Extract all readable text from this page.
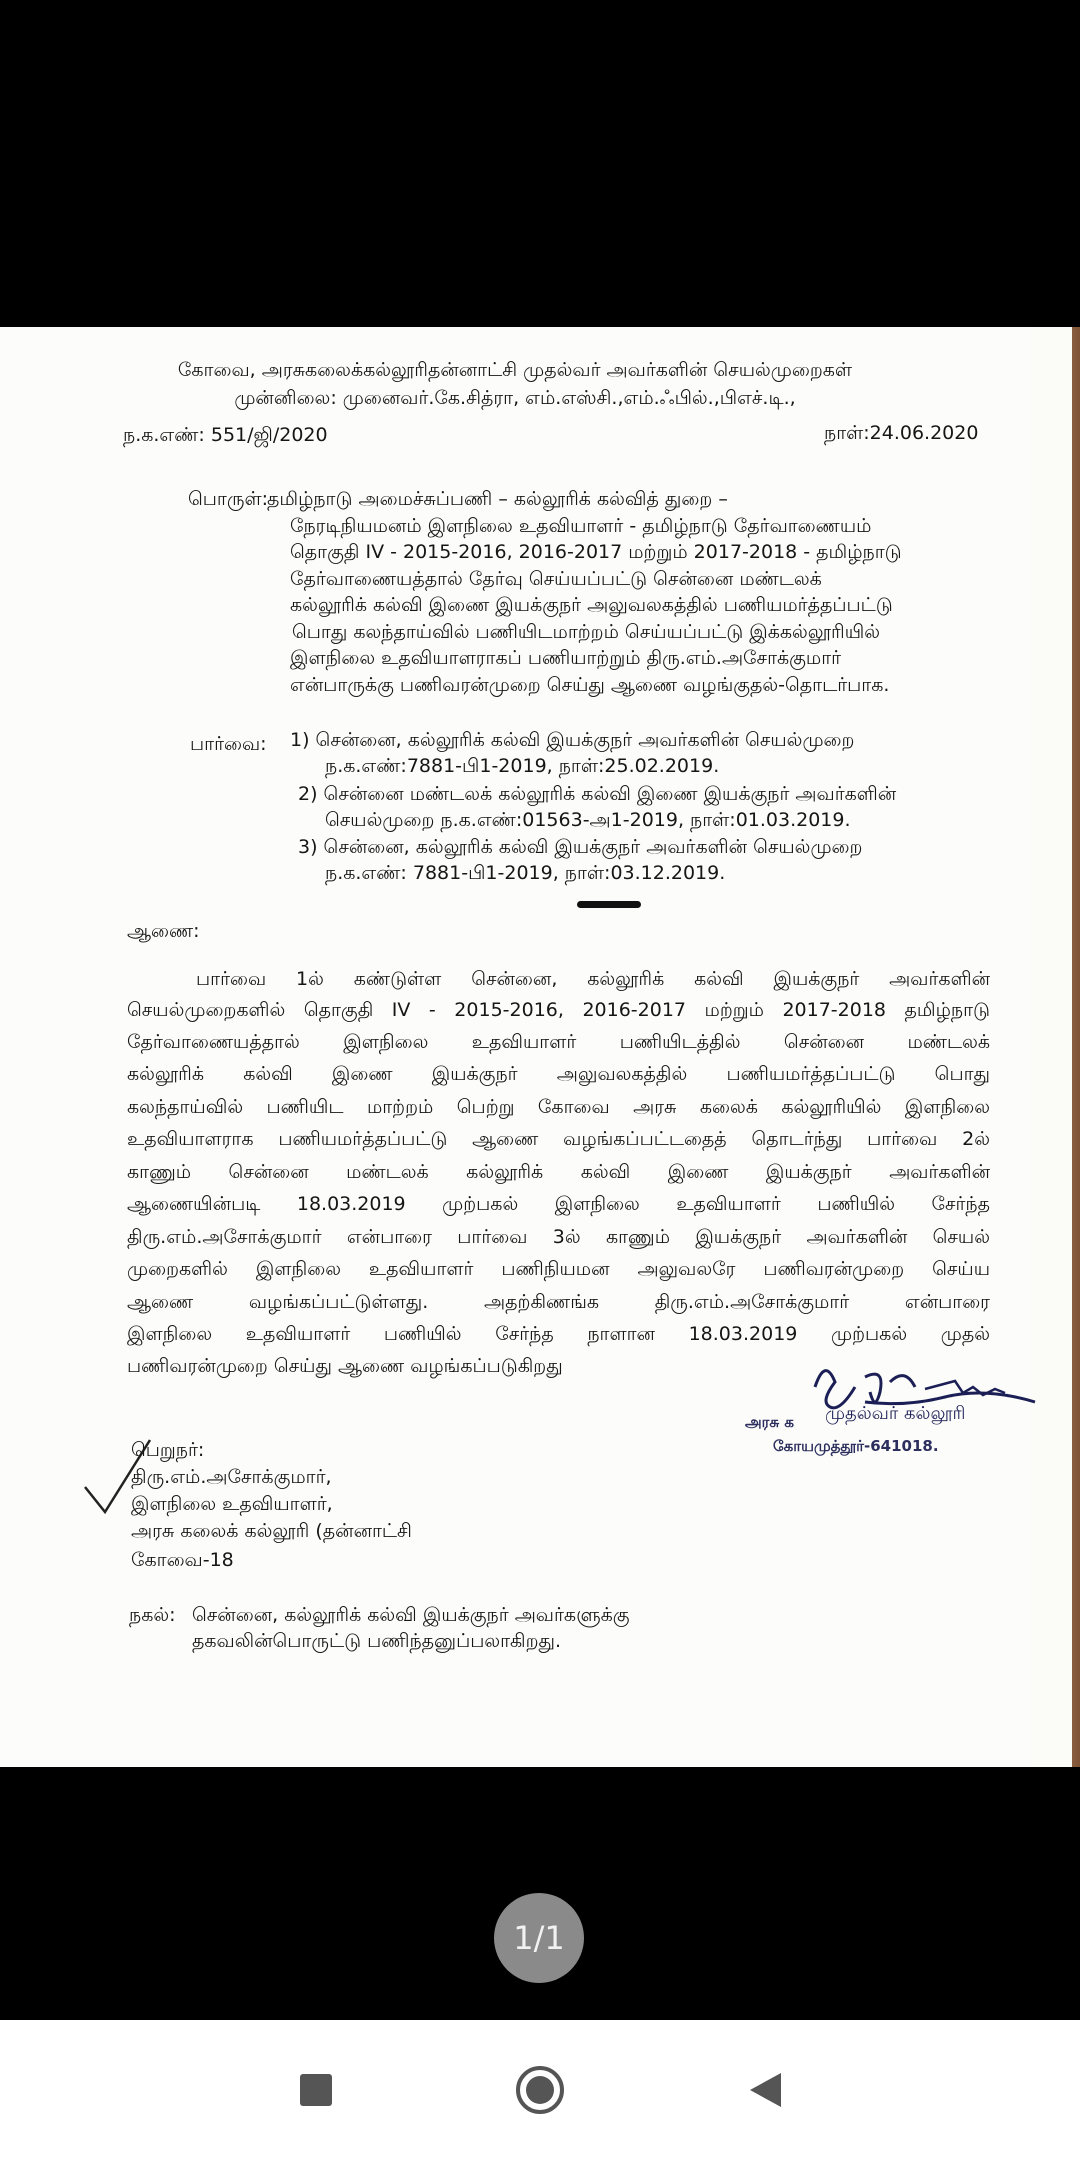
கோவை, அரசுகலைக்கல்லூரிதன்னாட்சி முதல்வர் அவர்களின் செயல்முறைகள்
முன்னிலை: முனைவர்.கே.சித்ரா, எம்.எஸ்சி.,எம்.ஃபில்.,பிஎச்.டி.,
ந.க.எண்: 551/ஜி/2020	நாள்:24.06.2020
பொருள்:
தமிழ்நாடு அமைச்சுப்பணி – கல்லூரிக் கல்வித் துறை –
நேரடிநியமனம் இளநிலை உதவியாளர் - தமிழ்நாடு தேர்வாணையம்
தொகுதி IV - 2015-2016, 2016-2017 மற்றும் 2017-2018 - தமிழ்நாடு
தேர்வாணையத்தால் தேர்வு செய்யப்பட்டு சென்னை மண்டலக்
கல்லூரிக் கல்வி இணை இயக்குநர் அலுவலகத்தில் பணியமர்த்தப்பட்டு
பொது கலந்தாய்வில் பணியிடமாற்றம் செய்யப்பட்டு இக்கல்லூரியில்
இளநிலை உதவியாளராகப் பணியாற்றும் திரு.எம்.அசோக்குமார்
என்பாருக்கு பணிவரன்முறை செய்து ஆணை வழங்குதல்-தொடர்பாக.
பார்வை: 1) சென்னை, கல்லூரிக் கல்வி இயக்குநர் அவர்களின் செயல்முறை
ந.க.எண்:7881-பி1-2019, நாள்:25.02.2019.
2) சென்னை மண்டலக் கல்லூரிக் கல்வி இணை இயக்குநர் அவர்களின்
செயல்முறை ந.க.எண்:01563-அ1-2019, நாள்:01.03.2019.
3) சென்னை, கல்லூரிக் கல்வி இயக்குநர் அவர்களின் செயல்முறை
ந.க.எண்: 7881-பி1-2019, நாள்:03.12.2019.
ஆணை:
பார்வை 1ல் கண்டுள்ள சென்னை, கல்லூரிக் கல்வி இயக்குநர் அவர்களின்
செயல்முறைகளில் தொகுதி IV - 2015-2016, 2016-2017 மற்றும் 2017-2018 தமிழ்நாடு
தேர்வாணையத்தால் இளநிலை உதவியாளர் பணியிடத்தில் சென்னை மண்டலக்
கல்லூரிக் கல்வி இணை இயக்குநர் அலுவலகத்தில் பணியமர்த்தப்பட்டு பொது
கலந்தாய்வில் பணியிட மாற்றம் பெற்று கோவை அரசு கலைக் கல்லூரியில் இளநிலை
உதவியாளராக பணியமர்த்தப்பட்டு ஆணை வழங்கப்பட்டதைத் தொடர்ந்து பார்வை 2ல்
காணும் சென்னை மண்டலக் கல்லூரிக் கல்வி இணை இயக்குநர் அவர்களின்
ஆணையின்படி 18.03.2019 முற்பகல் இளநிலை உதவியாளர் பணியில் சேர்ந்த
திரு.எம்.அசோக்குமார் என்பாரை பார்வை 3ல் காணும் இயக்குநர் அவர்களின் செயல்
முறைகளில் இளநிலை உதவியாளர் பணிநியமன அலுவலரே பணிவரன்முறை செய்ய
ஆணை வழங்கப்பட்டுள்ளது. அதற்கிணங்க திரு.எம்.அசோக்குமார் என்பாரை
இளநிலை உதவியாளர் பணியில் சேர்ந்த நாளான 18.03.2019 முற்பகல் முதல்
பணிவரன்முறை செய்து ஆணை வழங்கப்படுகிறது
அரசு க முதல்வர் கல்லூரி
கோயமுத்தூர்-641018.
பெறுநர்:
திரு.எம்.அசோக்குமார்,
இளநிலை உதவியாளர்,
அரசு கலைக் கல்லூரி (தன்னாட்சி
கோவை-18
நகல்: சென்னை, கல்லூரிக் கல்வி இயக்குநர் அவர்களுக்கு
தகவலின்பொருட்டு பணிந்தனுப்பலாகிறது.
1/1
